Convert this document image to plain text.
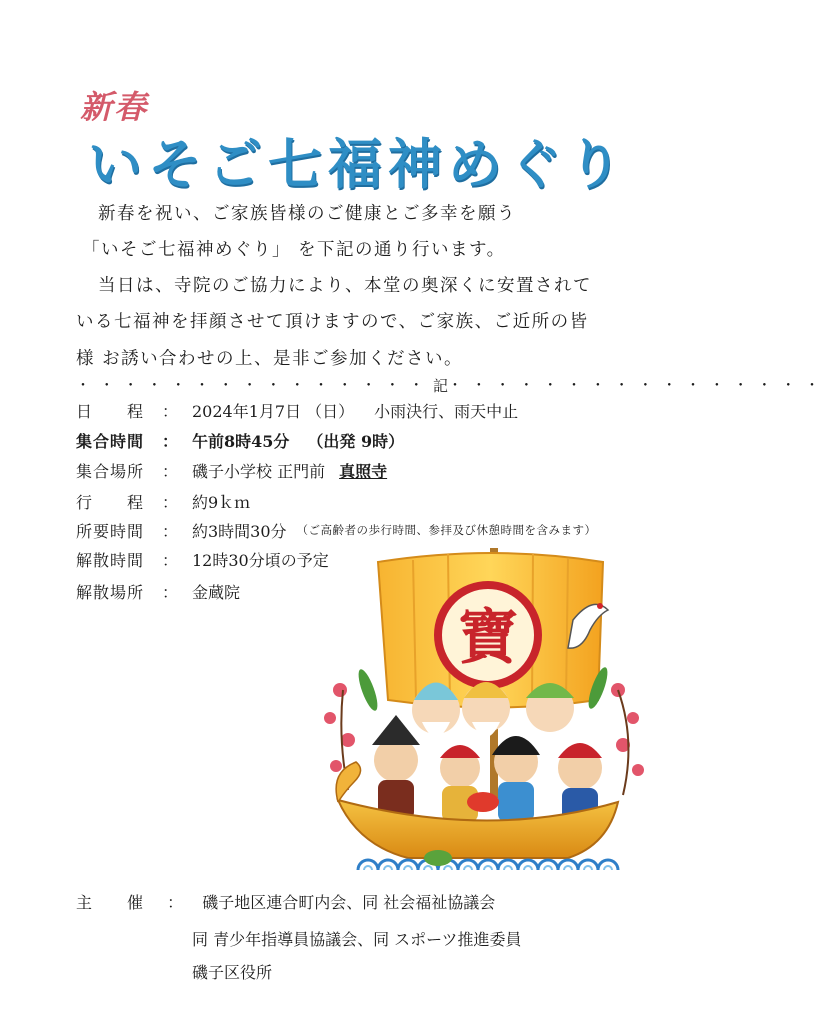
新春
いそご七福神めぐり
新春を祝い、ご家族皆様のご健康とご多幸を願う
「いそご七福神めぐり」 を下記の通り行います。
当日は、寺院のご協力により、本堂の奥深くに安置されて
いる七福神を拝顔させて頂けますので、ご家族、ご近所の皆
様 お誘い合わせの上、是非ご参加ください。
・・・・・・・・・・・・・・・ 記 ・・・・・・・・・・・・・・・・
日　　程	： 2024年1月7日 （日） 小雨決行、雨天中止
集合時間	： 午前8時45分 （出発 9時）
集合場所	： 磯子小学校 正門前 真照寺
行　　程	： 約9ｋｍ
所要時間	： 約3時間30分 （ご高齢者の歩行時間、参拝及び休憩時間を含みます）
解散時間	： 12時30分頃の予定
解散場所	： 金蔵院
寶
主　　催 ： 磯子地区連合町内会、同 社会福祉協議会
同 青少年指導員協議会、同 スポーツ推進委員
磯子区役所
